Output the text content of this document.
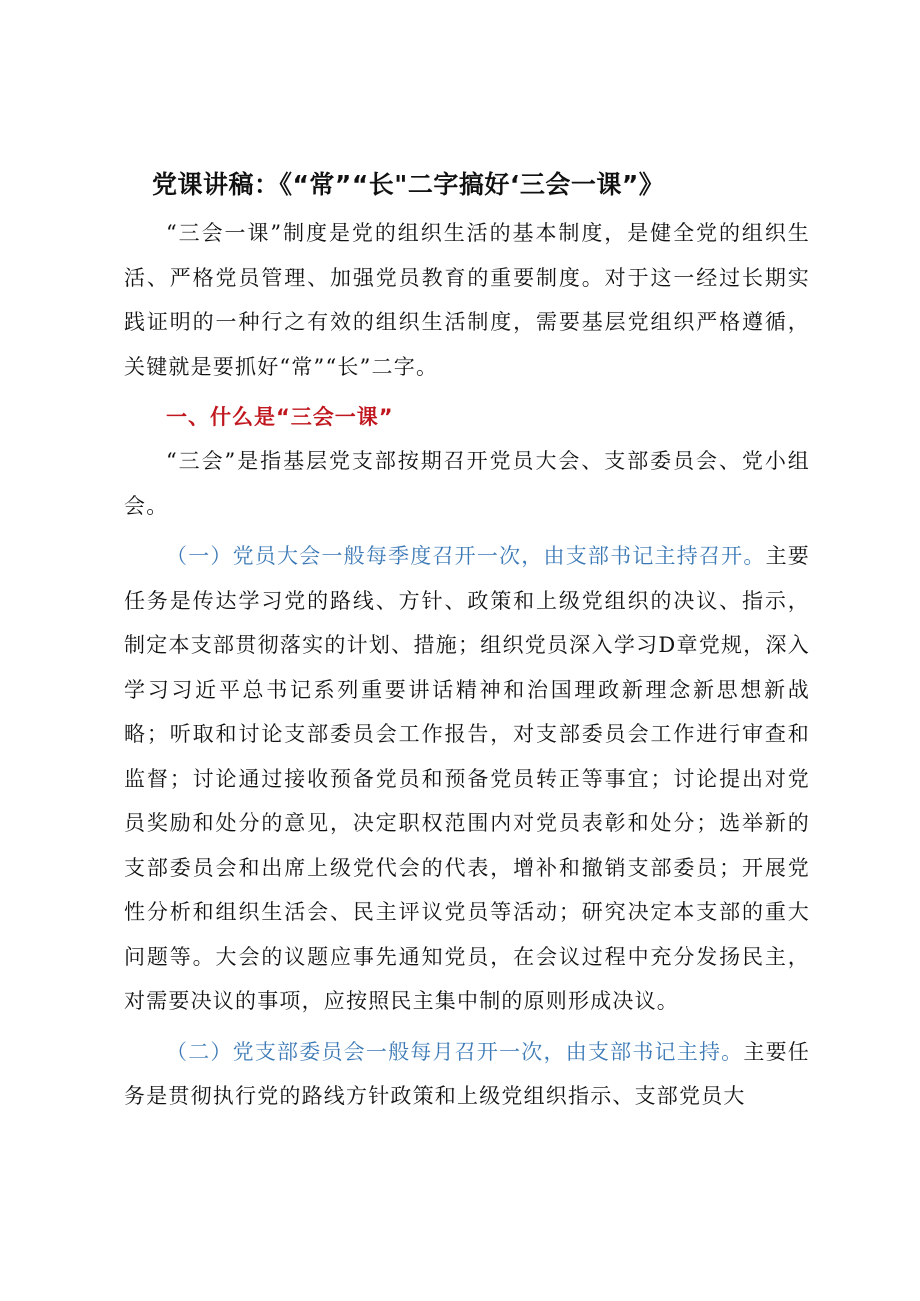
党课讲稿：《“常”“长"二字搞好‘三会一课”》

“三会一课”制度是党的组织生活的基本制度，是健全党的组织生活、严格党员管理、加强党员教育的重要制度。对于这一经过长期实践证明的一种行之有效的组织生活制度，需要基层党组织严格遵循，关键就是要抓好“常”“长”二字。

一、什么是“三会一课”

“三会”是指基层党支部按期召开党员大会、支部委员会、党小组会。

（一）党员大会一般每季度召开一次，由支部书记主持召开。主要任务是传达学习党的路线、方针、政策和上级党组织的决议、指示，制定本支部贯彻落实的计划、措施；组织党员深入学习D章党规，深入学习习近平总书记系列重要讲话精神和治国理政新理念新思想新战略；听取和讨论支部委员会工作报告，对支部委员会工作进行审查和监督；讨论通过接收预备党员和预备党员转正等事宜；讨论提出对党员奖励和处分的意见，决定职权范围内对党员表彰和处分；选举新的支部委员会和出席上级党代会的代表，增补和撤销支部委员；开展党性分析和组织生活会、民主评议党员等活动；研究决定本支部的重大问题等。大会的议题应事先通知党员，在会议过程中充分发扬民主，对需要决议的事项，应按照民主集中制的原则形成决议。

（二）党支部委员会一般每月召开一次，由支部书记主持。主要任务是贯彻执行党的路线方针政策和上级党组织指示、支部党员大
